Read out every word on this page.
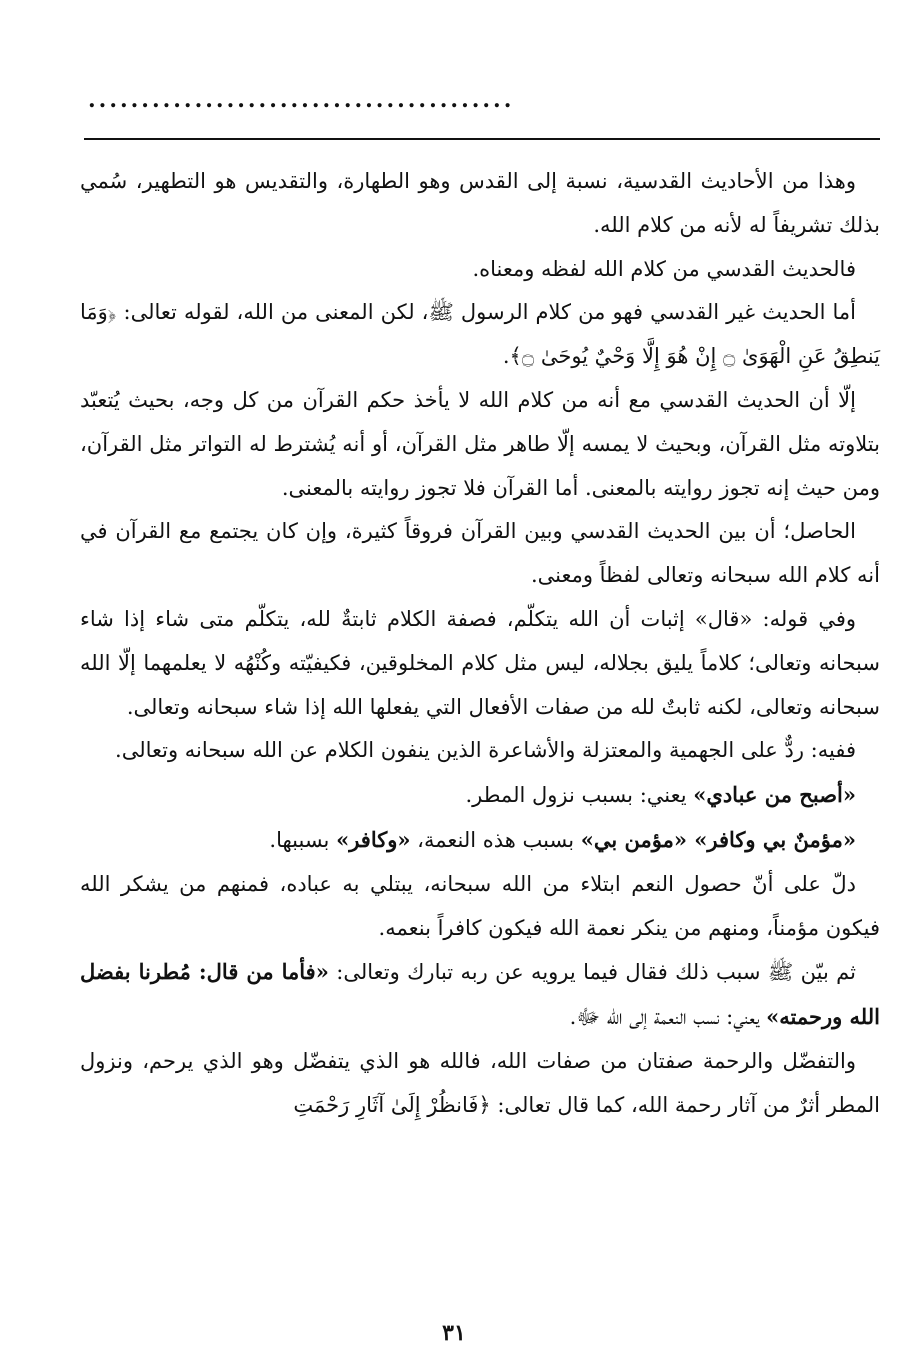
........................................

وهذا من الأحاديث القدسية، نسبة إلى القدس وهو الطهارة، والتقديس هو التطهير، سُمي بذلك تشريفاً له لأنه من كلام الله.

فالحديث القدسي من كلام الله لفظه ومعناه.

أما الحديث غير القدسي فهو من كلام الرسول ﷺ، لكن المعنى من الله، لقوله تعالى: ﴿وَمَا يَنطِقُ عَنِ الْهَوَىٰ ۝ إِنْ هُوَ إِلَّا وَحْيٌ يُوحَىٰ ۝﴾.

إلّا أن الحديث القدسي مع أنه من كلام الله لا يأخذ حكم القرآن من كل وجه، بحيث يُتعبّد بتلاوته مثل القرآن، وبحيث لا يمسه إلّا طاهر مثل القرآن، أو أنه يُشترط له التواتر مثل القرآن، ومن حيث إنه تجوز روايته بالمعنى. أما القرآن فلا تجوز روايته بالمعنى.

الحاصل؛ أن بين الحديث القدسي وبين القرآن فروقاً كثيرة، وإن كان يجتمع مع القرآن في أنه كلام الله سبحانه وتعالى لفظاً ومعنى.

وفي قوله: «قال» إثبات أن الله يتكلّم، فصفة الكلام ثابتةٌ لله، يتكلّم متى شاء إذا شاء سبحانه وتعالى؛ كلاماً يليق بجلاله، ليس مثل كلام المخلوقين، فكيفيّته وكُنْهُه لا يعلمهما إلّا الله سبحانه وتعالى، لكنه ثابتٌ لله من صفات الأفعال التي يفعلها الله إذا شاء سبحانه وتعالى.

ففيه: ردٌّ على الجهمية والمعتزلة والأشاعرة الذين ينفون الكلام عن الله سبحانه وتعالى.

«أصبح من عبادي» يعني: بسبب نزول المطر.

«مؤمنٌ بي وكافر» «مؤمن بي» بسبب هذه النعمة، «وكافر» بسببها.

دلّ على أنّ حصول النعم ابتلاء من الله سبحانه، يبتلي به عباده، فمنهم من يشكر الله فيكون مؤمناً، ومنهم من ينكر نعمة الله فيكون كافراً بنعمه.

ثم بيّن ﷺ سبب ذلك فقال فيما يرويه عن ربه تبارك وتعالى: «فأما من قال: مُطرنا بفضل الله ورحمته» يعني: نسب النعمة إلى الله ﷻ.

والتفضّل والرحمة صفتان من صفات الله، فالله هو الذي يتفضّل وهو الذي يرحم، ونزول المطر أثرٌ من آثار رحمة الله، كما قال تعالى: ﴿فَانظُرْ إِلَىٰ آثَارِ رَحْمَتِ

٣١
